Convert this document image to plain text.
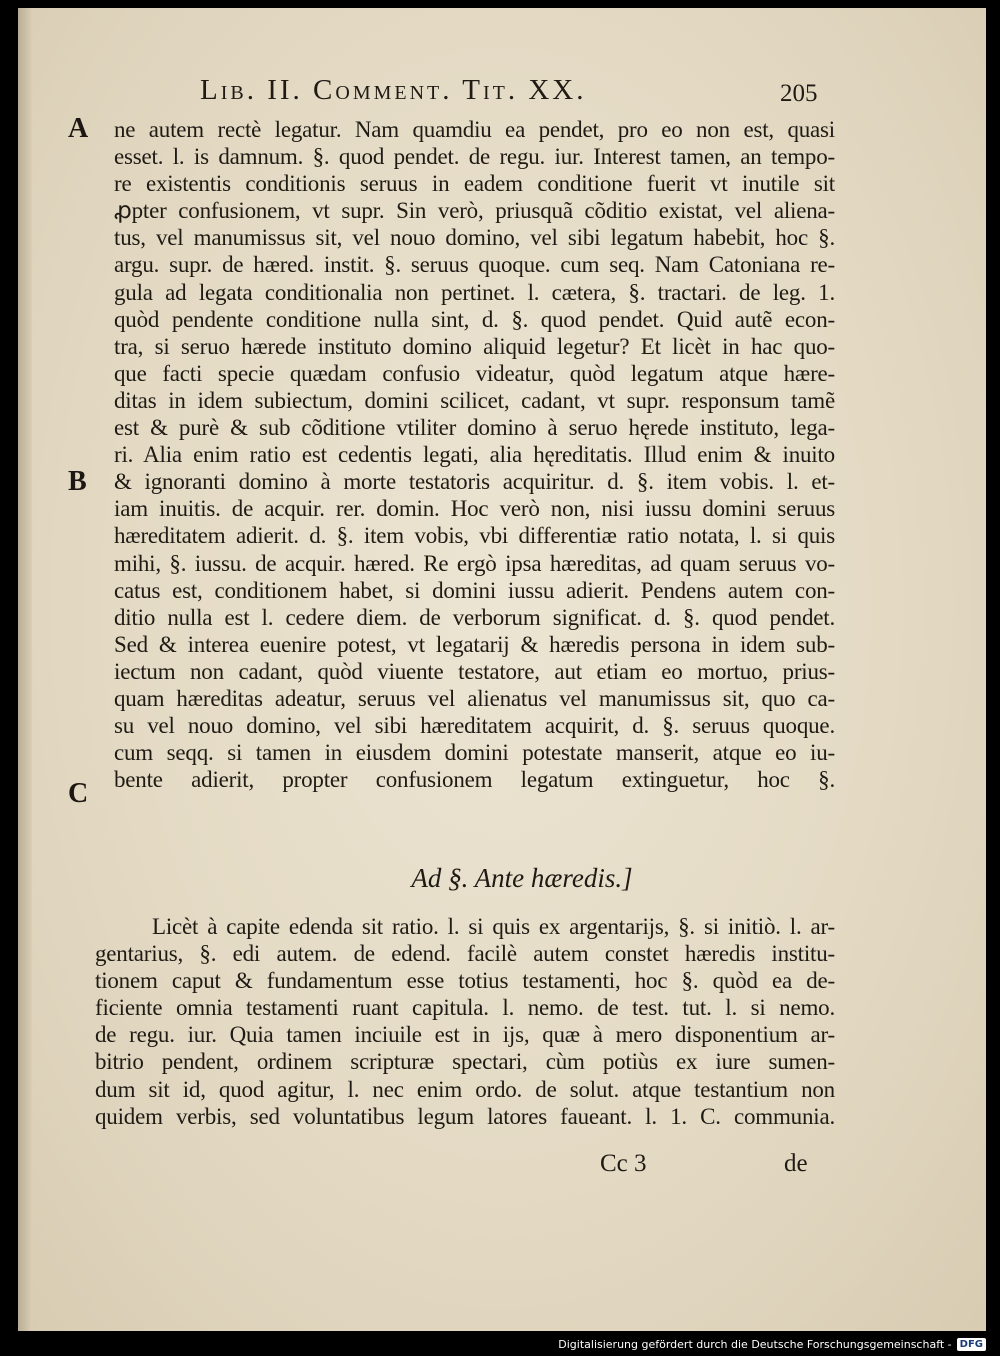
Lib. II. Comment. Tit. XX.	205
A
B
C
ne autem rectè legatur. Nam quamdiu ea pendet, pro eo non est, quasi
esset. l. is damnum. §. quod pendet. de regu. iur. Interest tamen, an tempo-
re existentis conditionis seruus in eadem conditione fuerit vt inutile sit
ꝓpter confusionem, vt supr. Sin verò, priusquã cõditio existat, vel aliena-
tus, vel manumissus sit, vel nouo domino, vel sibi legatum habebit, hoc §.
argu. supr. de hæred. instit. §. seruus quoque. cum seq. Nam Catoniana re-
gula ad legata conditionalia non pertinet. l. cætera, §. tractari. de leg. 1.
quòd pendente conditione nulla sint, d. §. quod pendet. Quid autẽ econ-
tra, si seruo hærede instituto domino aliquid legetur? Et licèt in hac quo-
que facti specie quædam confusio videatur, quòd legatum atque hære-
ditas in idem subiectum, domini scilicet, cadant, vt supr. responsum tamẽ
est & purè & sub cõditione vtiliter domino à seruo hęrede instituto, lega-
ri. Alia enim ratio est cedentis legati, alia hęreditatis. Illud enim & inuito
& ignoranti domino à morte testatoris acquiritur. d. §. item vobis. l. et-
iam inuitis. de acquir. rer. domin. Hoc verò non, nisi iussu domini seruus
hæreditatem adierit. d. §. item vobis, vbi differentiæ ratio notata, l. si quis
mihi, §. iussu. de acquir. hæred. Re ergò ipsa hæreditas, ad quam seruus vo-
catus est, conditionem habet, si domini iussu adierit. Pendens autem con-
ditio nulla est l. cedere diem. de verborum significat. d. §. quod pendet.
Sed & interea euenire potest, vt legatarij & hæredis persona in idem sub-
iectum non cadant, quòd viuente testatore, aut etiam eo mortuo, prius-
quam hæreditas adeatur, seruus vel alienatus vel manumissus sit, quo ca-
su vel nouo domino, vel sibi hæreditatem acquirit, d. §. seruus quoque.
cum seqq. si tamen in eiusdem domini potestate manserit, atque eo iu-
bente adierit, propter confusionem legatum extinguetur, hoc §.
Ad §. Ante hæredis.]
Licèt à capite edenda sit ratio. l. si quis ex argentarijs, §. si initiò. l. ar-
gentarius, §. edi autem. de edend. facilè autem constet hæredis institu-
tionem caput & fundamentum esse totius testamenti, hoc §. quòd ea de-
ficiente omnia testamenti ruant capitula. l. nemo. de test. tut. l. si nemo.
de regu. iur. Quia tamen inciuile est in ijs, quæ à mero disponentium ar-
bitrio pendent, ordinem scripturæ spectari, cùm potiùs ex iure sumen-
dum sit id, quod agitur, l. nec enim ordo. de solut. atque testantium non
quidem verbis, sed voluntatibus legum latores faueant. l. 1. C. communia.
Cc 3	de
Digitalisierung gefördert durch die Deutsche Forschungsgemeinschaft - DFG
